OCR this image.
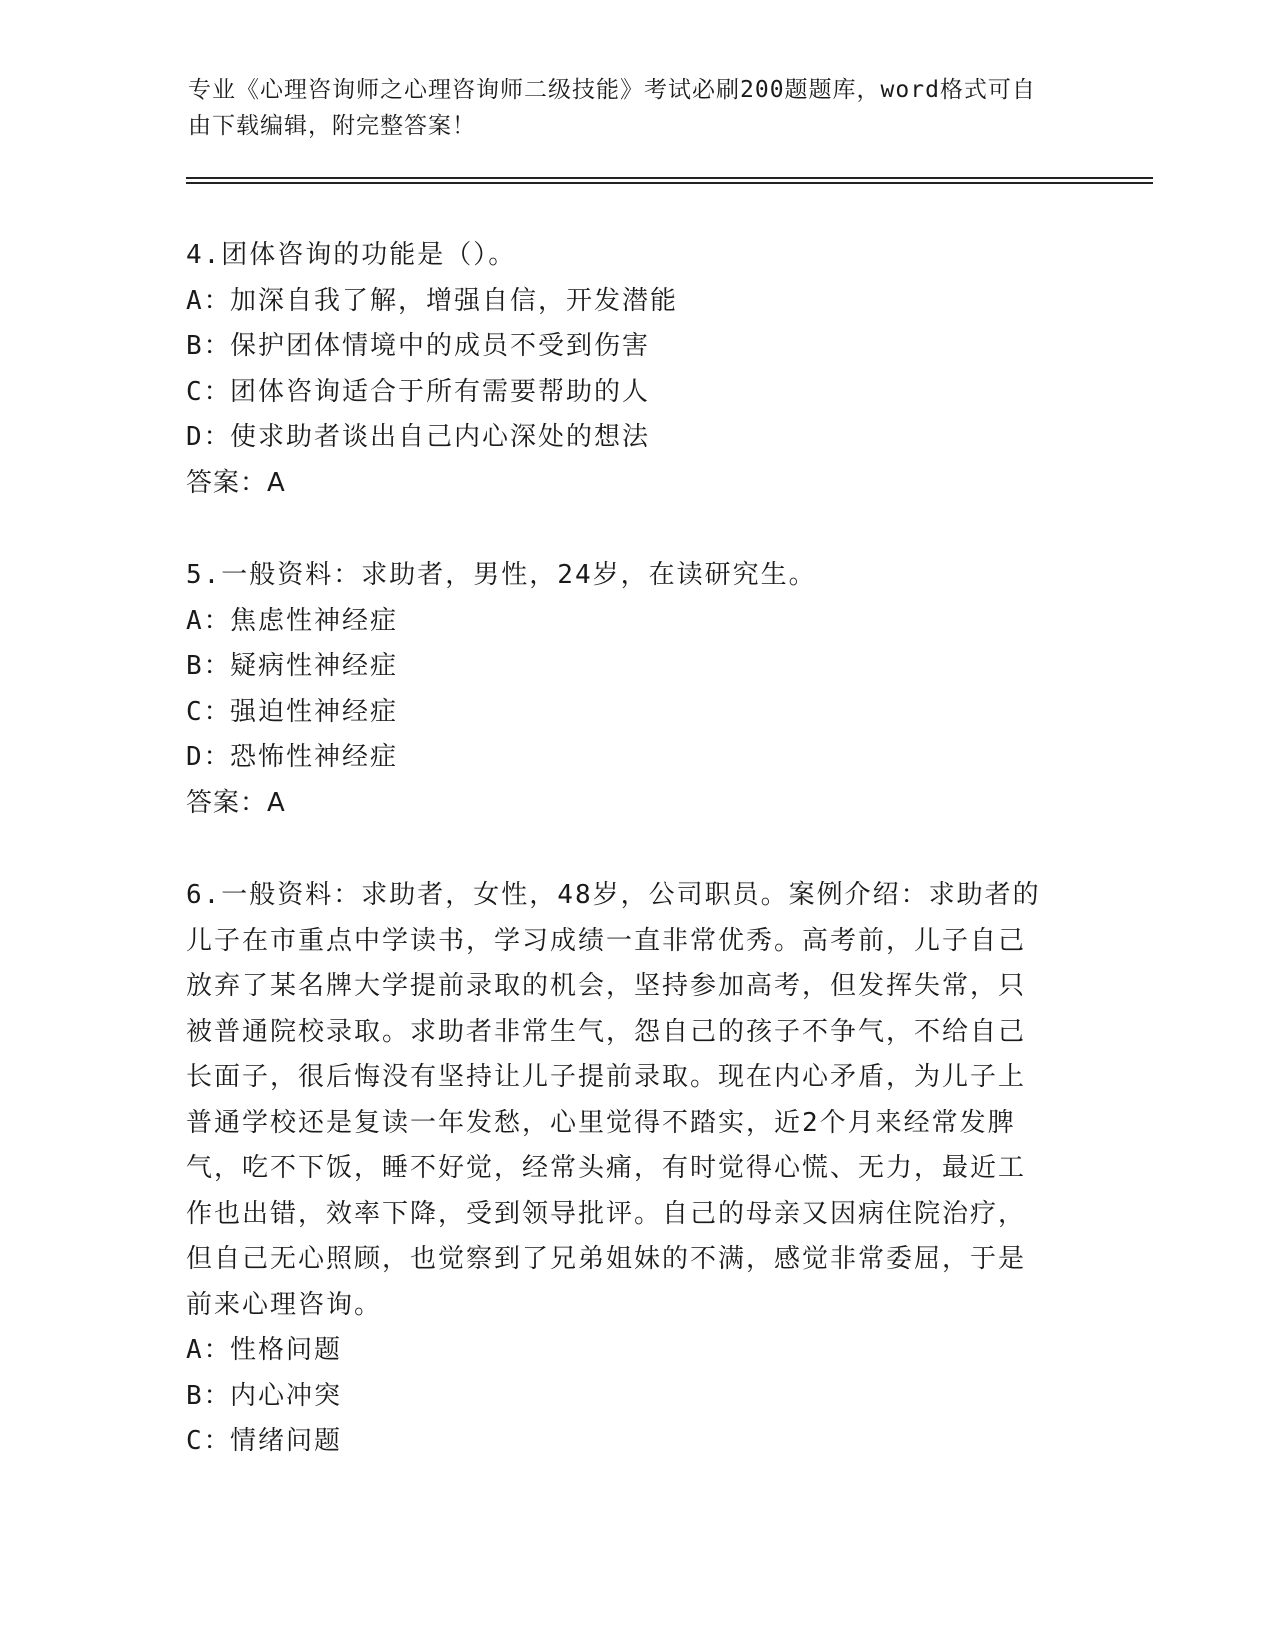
专业《心理咨询师之心理咨询师二级技能》考试必刷200题题库，word格式可自
由下载编辑，附完整答案！

4.团体咨询的功能是（）。

A：加深自我了解，增强自信，开发潜能

B：保护团体情境中的成员不受到伤害

C：团体咨询适合于所有需要帮助的人

D：使求助者谈出自己内心深处的想法

答案：A

5.一般资料：求助者，男性，24岁，在读研究生。

A：焦虑性神经症

B：疑病性神经症

C：强迫性神经症

D：恐怖性神经症

答案：A

6.一般资料：求助者，女性，48岁，公司职员。案例介绍：求助者的

儿子在市重点中学读书，学习成绩一直非常优秀。高考前，儿子自己

放弃了某名牌大学提前录取的机会，坚持参加高考，但发挥失常，只

被普通院校录取。求助者非常生气，怨自己的孩子不争气，不给自己

长面子，很后悔没有坚持让儿子提前录取。现在内心矛盾，为儿子上

普通学校还是复读一年发愁，心里觉得不踏实，近2个月来经常发脾

气，吃不下饭，睡不好觉，经常头痛，有时觉得心慌、无力，最近工

作也出错，效率下降，受到领导批评。自己的母亲又因病住院治疗，

但自己无心照顾，也觉察到了兄弟姐妹的不满，感觉非常委屈，于是

前来心理咨询。

A：性格问题

B：内心冲突

C：情绪问题
